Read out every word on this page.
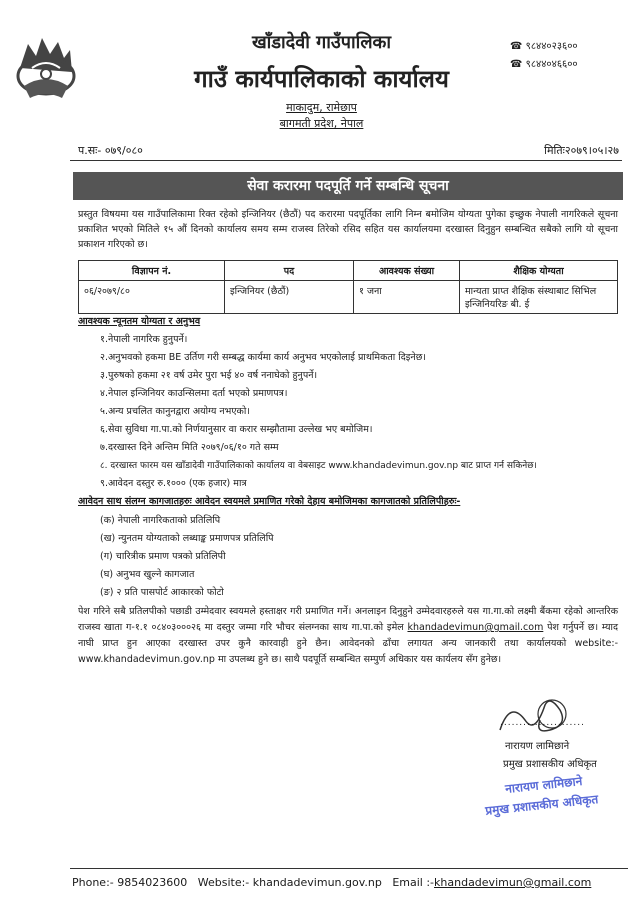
खाँडादेवी गाउँपालिका
गाउँ कार्यपालिकाको कार्यालय
माकादुम, रामेछाप
बागमती प्रदेश, नेपाल
☎ ९८४४०२३६००
☎ ९८४४०४६६००
प.सः- ०७९/०८०	मितिः२०७९।०५।२७
सेवा करारमा पदपूर्ति गर्ने सम्बन्धि सूचना
प्रस्तुत विषयमा यस गाउँपालिकामा रिक्त रहेको इन्जिनियर (छैठौं) पद करारमा पदपूर्तिका लागि निम्न बमोजिम योग्यता पुगेका इच्छुक नेपाली नागरिकले सूचना प्रकाशित भएको मितिले १५ औं दिनको कार्यालय समय सम्म राजस्व तिरेको रसिद सहित यस कार्यालयमा दरखास्त दिनुहुन सम्बन्धित सबैको लागि यो सूचना प्रकाशन गरिएको छ।
विज्ञापन नं.	पद	आवश्यक संख्या	शैक्षिक योग्यता
०६/२०७९/८०	इन्जिनियर (छैठौं)	१ जना	मान्यता प्राप्त शैक्षिक संस्थाबाट सिभिल इन्जिनियरिङ बी. ई
आवश्यक न्यूनतम योग्यता र अनुभव
१.नेपाली नागरिक हुनुपर्ने।
२.अनुभवको हकमा BE उर्तिण गरी सम्बद्ध कार्यमा कार्य अनुभव भएकोलाई प्राथमिकता दिइनेछ।
३.पुरुषको हकमा २१ वर्ष उमेर पुरा भई ४० वर्ष ननाघेको हुनुपर्ने।
४.नेपाल इन्जिनियर काउन्सिलमा दर्ता भएको प्रमाणपत्र।
५.अन्य प्रचलित कानुनद्वारा अयोग्य नभएको।
६.सेवा सुविधा गा.पा.को निर्णयानुसार वा करार सम्झौतामा उल्लेख भए बमोजिम।
७.दरखास्त दिने अन्तिम मिति २०७९/०६/१० गते सम्म
८. दरखास्त फारम यस खाँडादेवी गाउँपालिकाको कार्यालय वा वेबसाइट www.khandadevimun.gov.np बाट प्राप्त गर्न सकिनेछ।
९.आवेदन दस्तुर रु.१००० (एक हजार) मात्र
आवेदन साथ संलग्न कागजातहरुः आवेदन स्वयमले प्रमाणित गरेको देहाय बमोजिमका कागजातको प्रतिलिपीहरुः-
(क) नेपाली नागरिकताको प्रतिलिपि
(ख) न्युनतम योग्यताको लब्धाङ्क प्रमाणपत्र प्रतिलिपि
(ग) चारित्रीक प्रमाण पत्रको प्रतिलिपी
(घ) अनुभव खुल्ने कागजात
(ङ) २ प्रति पासपोर्ट आकारको फोटो
पेश गरिने सबै प्रतिलपीको पछाडी उम्मेदवार स्वयमले हस्ताक्षर गरी प्रमाणित गर्ने। अनलाइन दिनुहुने उम्मेदवारहरुले यस गा.गा.को लक्ष्मी बैंकमा रहेको आन्तरिक राजस्व खाता ग-१.१ ०८४०३०००२६ मा दस्तुर जम्मा गरि भौचर संलग्नका साथ गा.पा.को इमेल khandadevimun@gmail.com पेश गर्नुपर्ने छ। म्याद नाघी प्राप्त हुन आएका दरखास्त उपर कुनै कारवाही हुने छैन। आवेदनको ढाँचा लगायत अन्य जानकारी तथा कार्यालयको website:- www.khandadevimun.gov.np मा उपलब्ध हुने छ। साथै पदपूर्ति सम्बन्धित सम्पुर्ण अधिकार यस कार्यलय सँग हुनेछ।
......................
नारायण लामिछाने
प्रमुख प्रशासकीय अधिकृत
नारायण लामिछाने
प्रमुख प्रशासकीय अधिकृत
Phone:- 9854023600 Website:- khandadevimun.gov.np Email :-khandadevimun@gmail.com
